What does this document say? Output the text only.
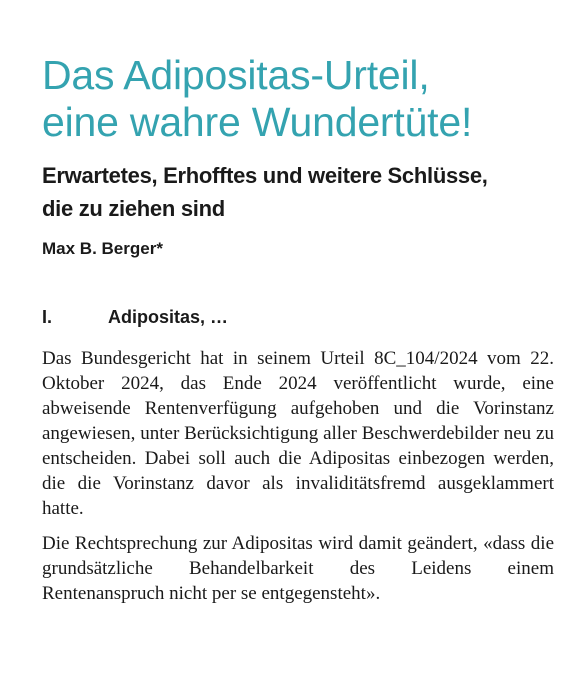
Das Adipositas-Urteil,
eine wahre Wundertüte!
Erwartetes, Erhofftes und weitere Schlüsse,
die zu ziehen sind
Max B. Berger*
I.	Adipositas, …

Das Bundesgericht hat in seinem Urteil 8C_104/2024 vom 22. Oktober 2024, das Ende 2024 veröffentlicht wurde, eine abweisende Rentenverfügung aufgehoben und die Vorinstanz angewiesen, unter Berücksichtigung aller Beschwerdebilder neu zu entscheiden. Dabei soll auch die Adipositas einbezogen werden, die die Vorinstanz davor als invaliditätsfremd ausgeklammert hatte.

Die Rechtsprechung zur Adipositas wird damit geändert, «dass die grundsätzliche Behandelbarkeit des Leidens einem Rentenanspruch nicht per se entgegensteht».
